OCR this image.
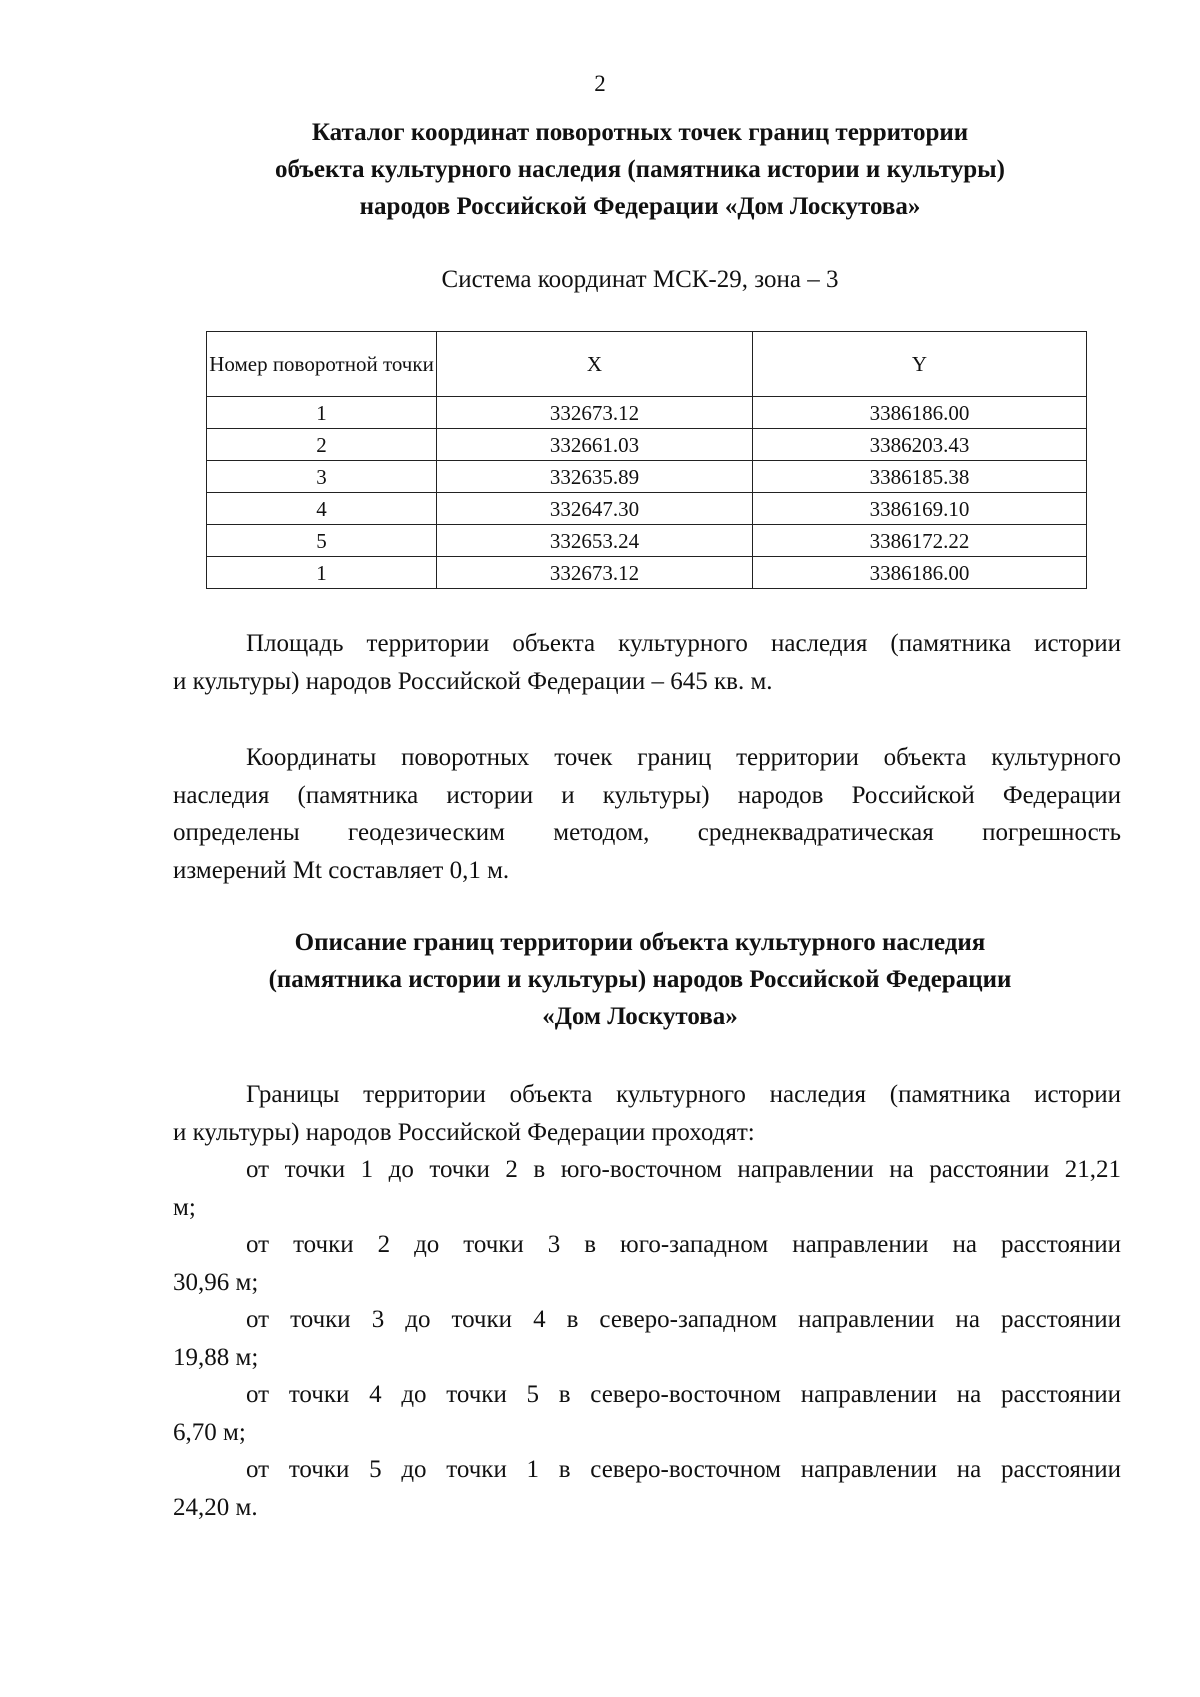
2
Каталог координат поворотных точек границ территории
объекта культурного наследия (памятника истории и культуры)
народов Российской Федерации «Дом Лоскутова»
Система координат МСК-29, зона – 3
Номер поворотной точки	X	Y
1	332673.12	3386186.00
2	332661.03	3386203.43
3	332635.89	3386185.38
4	332647.30	3386169.10
5	332653.24	3386172.22
1	332673.12	3386186.00
Площадь территории объекта культурного наследия (памятника истории
и культуры) народов Российской Федерации – 645 кв. м.
Координаты поворотных точек границ территории объекта культурного
наследия (памятника истории и культуры) народов Российской Федерации
определены геодезическим методом, среднеквадратическая погрешность
измерений Mt составляет 0,1 м.
Описание границ территории объекта культурного наследия
(памятника истории и культуры) народов Российской Федерации
«Дом Лоскутова»
Границы территории объекта культурного наследия (памятника истории
и культуры) народов Российской Федерации проходят:
от точки 1 до точки 2 в юго-восточном направлении на расстоянии 21,21
м;
от точки 2 до точки 3 в юго-западном направлении на расстоянии
30,96 м;
от точки 3 до точки 4 в северо-западном направлении на расстоянии
19,88 м;
от точки 4 до точки 5 в северо-восточном направлении на расстоянии
6,70 м;
от точки 5 до точки 1 в северо-восточном направлении на расстоянии
24,20 м.
